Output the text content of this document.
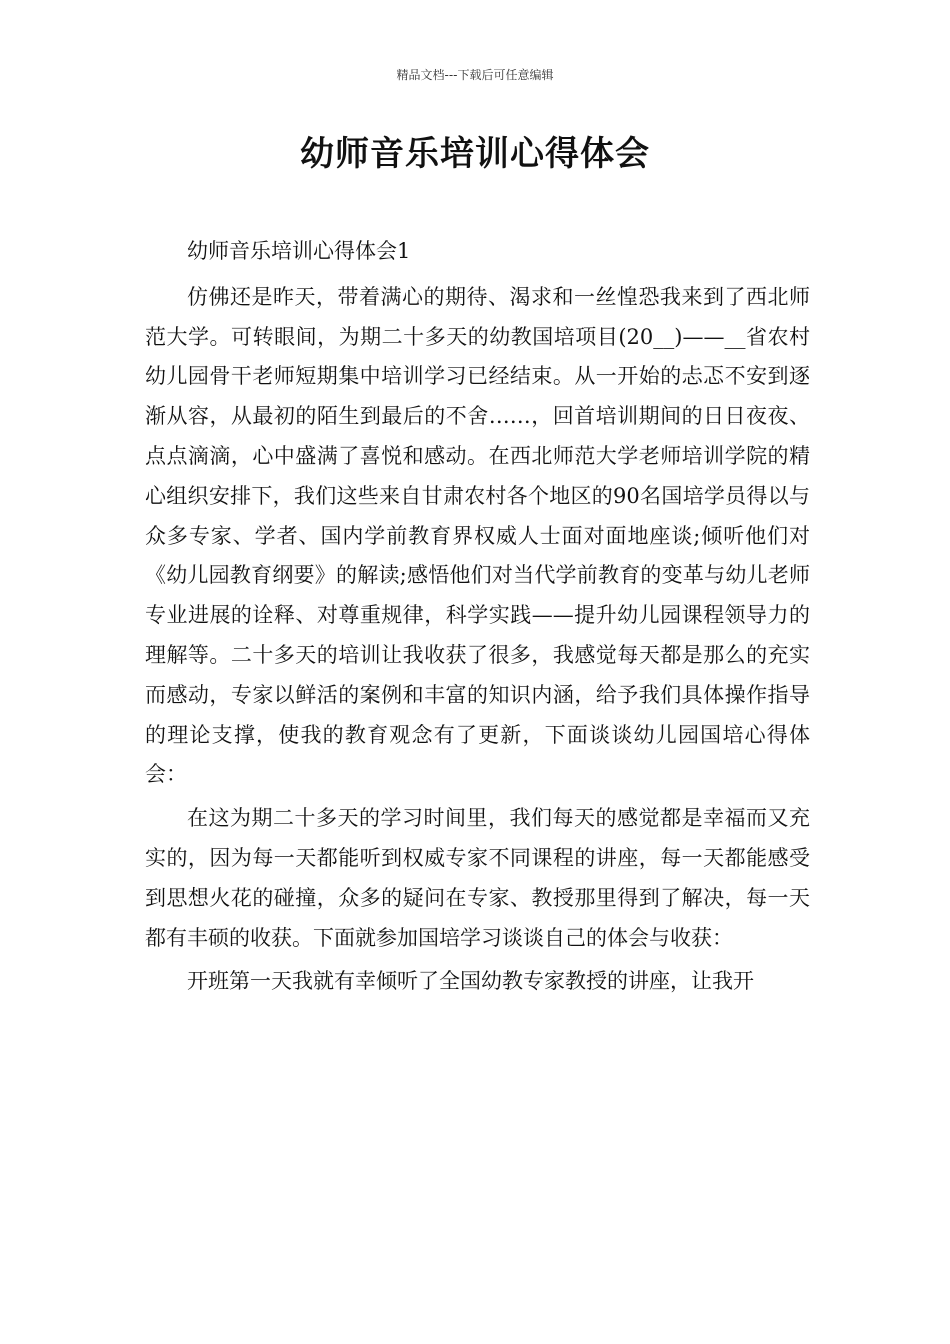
精品文档---下载后可任意编辑
幼师音乐培训心得体会

幼师音乐培训心得体会1

仿佛还是昨天，带着满心的期待、渴求和一丝惶恐我来到了西北师范大学。可转眼间，为期二十多天的幼教国培项目(20__)——__省农村幼儿园骨干老师短期集中培训学习已经结束。从一开始的忐忑不安到逐渐从容，从最初的陌生到最后的不舍……，回首培训期间的日日夜夜、点点滴滴，心中盛满了喜悦和感动。在西北师范大学老师培训学院的精心组织安排下，我们这些来自甘肃农村各个地区的90名国培学员得以与众多专家、学者、国内学前教育界权威人士面对面地座谈;倾听他们对《幼儿园教育纲要》的解读;感悟他们对当代学前教育的变革与幼儿老师专业进展的诠释、对尊重规律，科学实践——提升幼儿园课程领导力的理解等。二十多天的培训让我收获了很多，我感觉每天都是那么的充实而感动，专家以鲜活的案例和丰富的知识内涵，给予我们具体操作指导的理论支撑，使我的教育观念有了更新，下面谈谈幼儿园国培心得体会：

在这为期二十多天的学习时间里，我们每天的感觉都是幸福而又充实的，因为每一天都能听到权威专家不同课程的讲座，每一天都能感受到思想火花的碰撞，众多的疑问在专家、教授那里得到了解决，每一天都有丰硕的收获。下面就参加国培学习谈谈自己的体会与收获：

开班第一天我就有幸倾听了全国幼教专家教授的讲座，让我开
